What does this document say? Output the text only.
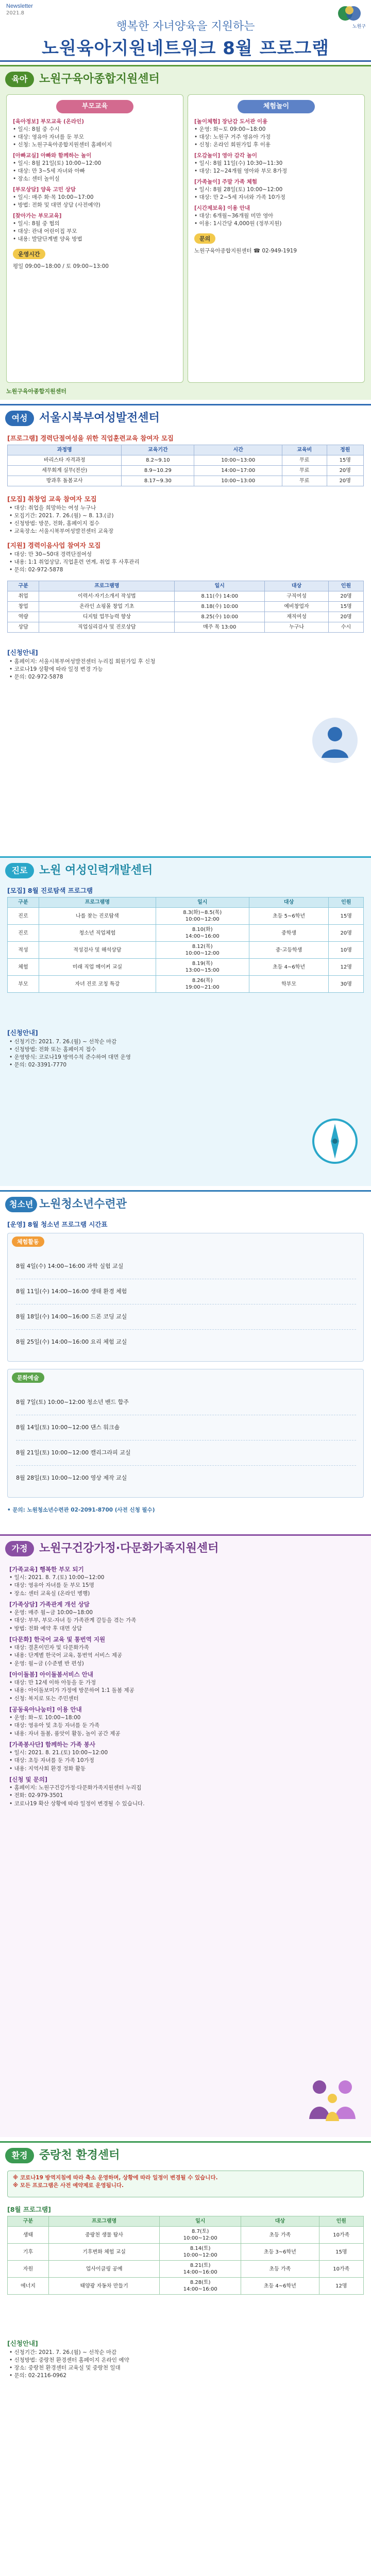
Newsletter
2021.8
행복한 자녀양육을 지원하는
노원육아지원네트워크 8월 프로그램
노원구
육아	노원구육아종합지원센터
부모교육
[육아정보] 부모교육 (온라인)
• 일시: 8월 중 수시
• 대상: 영유아 자녀를 둔 부모
• 신청: 노원구육아종합지원센터 홈페이지
[아빠교실] 아빠와 함께하는 놀이
• 일시: 8월 21일(토) 10:00~12:00
• 대상: 만 3~5세 자녀와 아빠
• 장소: 센터 놀이실
[부모상담] 양육 고민 상담
• 일시: 매주 화·목 10:00~17:00
• 방법: 전화 및 대면 상담 (사전예약)
[찾아가는 부모교육]
• 일시: 8월 중 협의
• 대상: 관내 어린이집 부모
• 내용: 발달단계별 양육 방법
운영시간
평일 09:00~18:00 / 토 09:00~13:00
체험놀이
[놀이체험] 장난감 도서관 이용
• 운영: 화~토 09:00~18:00
• 대상: 노원구 거주 영유아 가정
• 신청: 온라인 회원가입 후 이용
[오감놀이] 영아 감각 놀이
• 일시: 8월 11일(수) 10:30~11:30
• 대상: 12~24개월 영아와 부모 8가정
[가족놀이] 주말 가족 체험
• 일시: 8월 28일(토) 10:00~12:00
• 대상: 만 2~5세 자녀와 가족 10가정
[시간제보육] 이용 안내
• 대상: 6개월~36개월 미만 영아
• 이용: 1시간당 4,000원 (정부지원)
문의
노원구육아종합지원센터 ☎ 02-949-1919
노원구육아종합지원센터
여성	서울시북부여성발전센터
[프로그램] 경력단절여성을 위한 직업훈련교육 참여자 모집
과정명	교육기간	시간	교육비	정원
바리스타 자격과정	8.2~9.10	10:00~13:00	무료	15명
세무회계 실무(전산)	8.9~10.29	14:00~17:00	무료	20명
방과후 돌봄교사	8.17~9.30	10:00~13:00	무료	20명
[모집] 취창업 교육 참여자 모집
• 대상: 취업을 희망하는 여성 누구나
• 모집기간: 2021. 7. 26.(월) ~ 8. 13.(금)
• 신청방법: 방문, 전화, 홈페이지 접수
• 교육장소: 서울시북부여성발전센터 교육장
[지원] 경력이음사업 참여자 모집
• 대상: 만 30~50대 경력단절여성
• 내용: 1:1 취업상담, 직업훈련 연계, 취업 후 사후관리
• 문의: 02-972-5878
구분	프로그램명	일시	대상	인원
취업	이력서·자기소개서 작성법	8.11(수) 14:00	구직여성	20명
창업	온라인 쇼핑몰 창업 기초	8.18(수) 10:00	예비창업자	15명
역량	디지털 업무능력 향상	8.25(수) 10:00	재직여성	20명
상담	직업심리검사 및 진로상담	매주 목 13:00	누구나	수시
[신청안내]
• 홈페이지: 서울시북부여성발전센터 누리집 회원가입 후 신청
• 코로나19 상황에 따라 일정 변경 가능
• 문의: 02-972-5878
진로	노원 여성인력개발센터
[모집] 8월 진로탐색 프로그램
구분	프로그램명	일시	대상	인원
진로	나를 찾는 진로탐색	8.3(화)~8.5(목)
10:00~12:00	초등 5~6학년	15명
진로	청소년 직업체험	8.10(화)
14:00~16:00	중학생	20명
적성	적성검사 및 해석상담	8.12(목)
10:00~12:00	중·고등학생	10명
체험	미래 직업 메이커 교실	8.19(목)
13:00~15:00	초등 4~6학년	12명
부모	자녀 진로 코칭 특강	8.26(목)
19:00~21:00	학부모	30명
[신청안내]
• 신청기간: 2021. 7. 26.(월) ~ 선착순 마감
• 신청방법: 전화 또는 홈페이지 접수
• 운영방식: 코로나19 방역수칙 준수하여 대면 운영
• 문의: 02-3391-7770
청소년 노원청소년수련관
[운영] 8월 청소년 프로그램 시간표
체험활동
8월 4일(수) 14:00~16:00 과학 실험 교실
8월 11일(수) 14:00~16:00 생태 환경 체험
8월 18일(수) 14:00~16:00 드론 코딩 교실
8월 25일(수) 14:00~16:00 요리 체험 교실
문화예술
8월 7일(토) 10:00~12:00 청소년 밴드 합주
8월 14일(토) 10:00~12:00 댄스 워크숍
8월 21일(토) 10:00~12:00 캘리그라피 교실
8월 28일(토) 10:00~12:00 영상 제작 교실
• 문의: 노원청소년수련관 02-2091-8700 (사전 신청 필수)
가정	노원구건강가정·다문화가족지원센터
[가족교육] 행복한 부모 되기
• 일시: 2021. 8. 7.(토) 10:00~12:00
• 대상: 영유아 자녀를 둔 부모 15명
• 장소: 센터 교육실 (온라인 병행)
[가족상담] 가족관계 개선 상담
• 운영: 매주 월~금 10:00~18:00
• 대상: 부부, 부모-자녀 등 가족관계 갈등을 겪는 가족
• 방법: 전화 예약 후 대면 상담
[다문화] 한국어 교육 및 통번역 지원
• 대상: 결혼이민자 및 다문화가족
• 내용: 단계별 한국어 교육, 통번역 서비스 제공
• 운영: 월~금 (수준별 반 편성)
[아이돌봄] 아이돌봄서비스 안내
• 대상: 만 12세 이하 아동을 둔 가정
• 내용: 아이돌보미가 가정에 방문하여 1:1 돌봄 제공
• 신청: 복지로 또는 주민센터
[공동육아나눔터] 이용 안내
• 운영: 화~토 10:00~18:00
• 대상: 영유아 및 초등 자녀를 둔 가족
• 내용: 자녀 돌봄, 품앗이 활동, 놀이 공간 제공
[가족봉사단] 함께하는 가족 봉사
• 일시: 2021. 8. 21.(토) 10:00~12:00
• 대상: 초등 자녀를 둔 가족 10가정
• 내용: 지역사회 환경 정화 활동
[신청 및 문의]
• 홈페이지: 노원구건강가정·다문화가족지원센터 누리집
• 전화: 02-979-3501
• 코로나19 확산 상황에 따라 일정이 변경될 수 있습니다.
환경	중랑천 환경센터
※ 코로나19 방역지침에 따라 축소 운영하며, 상황에 따라 일정이 변경될 수 있습니다.
※ 모든 프로그램은 사전 예약제로 운영됩니다.
[8월 프로그램]
구분	프로그램명	일시	대상	인원
생태	중랑천 생물 탐사	8.7(토)
10:00~12:00	초등 가족	10가족
기후	기후변화 체험 교실	8.14(토)
10:00~12:00	초등 3~6학년	15명
자원	업사이클링 공예	8.21(토)
14:00~16:00	초등 가족	10가족
에너지	태양광 자동차 만들기	8.28(토)
14:00~16:00	초등 4~6학년	12명
[신청안내]
• 신청기간: 2021. 7. 26.(월) ~ 선착순 마감
• 신청방법: 중랑천 환경센터 홈페이지 온라인 예약
• 장소: 중랑천 환경센터 교육실 및 중랑천 일대
• 문의: 02-2116-0962
